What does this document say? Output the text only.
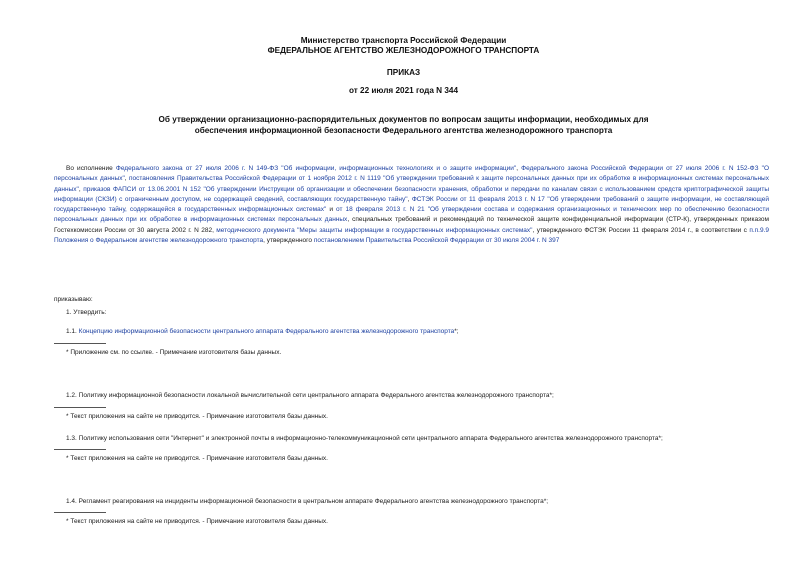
Министерство транспорта Российской Федерации
ФЕДЕРАЛЬНОЕ АГЕНТСТВО ЖЕЛЕЗНОДОРОЖНОГО ТРАНСПОРТА
ПРИКАЗ
от 22 июля 2021 года N 344
Об утверждении организационно-распорядительных документов по вопросам защиты информации, необходимых для обеспечения информационной безопасности Федерального агентства железнодорожного транспорта
Во исполнение Федерального закона от 27 июля 2006 г. N 149-ФЗ "Об информации, информационных технологиях и о защите информации", Федерального закона Российской Федерации от 27 июля 2006 г. N 152-ФЗ "О персональных данных", постановления Правительства Российской Федерации от 1 ноября 2012 г. N 1119 "Об утверждении требований к защите персональных данных при их обработке в информационных системах персональных данных", приказов ФАПСИ от 13.06.2001 N 152 "Об утверждении Инструкции об организации и обеспечении безопасности хранения, обработки и передачи по каналам связи с использованием средств криптографической защиты информации (СКЗИ) с ограниченным доступом, не содержащей сведений, составляющих государственную тайну", ФСТЭК России от 11 февраля 2013 г. N 17 "Об утверждении требований о защите информации, не составляющей государственную тайну, содержащейся в государственных информационных системах" и от 18 февраля 2013 г. N 21 "Об утверждении состава и содержания организационных и технических мер по обеспечению безопасности персональных данных при их обработке в информационных системах персональных данных, специальных требований и рекомендаций по технической защите конфиденциальной информации (СТР-К), утвержденных приказом Гостехкомиссии России от 30 августа 2002 г. N 282, методического документа "Меры защиты информации в государственных информационных системах", утвержденного ФСТЭК России 11 февраля 2014 г., в соответствии с п.п.9.9 Положения о Федеральном агентстве железнодорожного транспорта, утвержденного постановлением Правительства Российской Федерации от 30 июля 2004 г. N 397
приказываю:
1. Утвердить:
1.1. Концепцию информационной безопасности центрального аппарата Федерального агентства железнодорожного транспорта*;
* Приложение см. по ссылке. - Примечание изготовителя базы данных.
1.2. Политику информационной безопасности локальной вычислительной сети центрального аппарата Федерального агентства железнодорожного транспорта*;
* Текст приложения на сайте не приводится. - Примечание изготовителя базы данных.
1.3. Политику использования сети "Интернет" и электронной почты в информационно-телекоммуникационной сети центрального аппарата Федерального агентства железнодорожного транспорта*;
* Текст приложения на сайте не приводится. - Примечание изготовителя базы данных.
1.4. Регламент реагирования на инциденты информационной безопасности в центральном аппарате Федерального агентства железнодорожного транспорта*;
* Текст приложения на сайте не приводится. - Примечание изготовителя базы данных.
